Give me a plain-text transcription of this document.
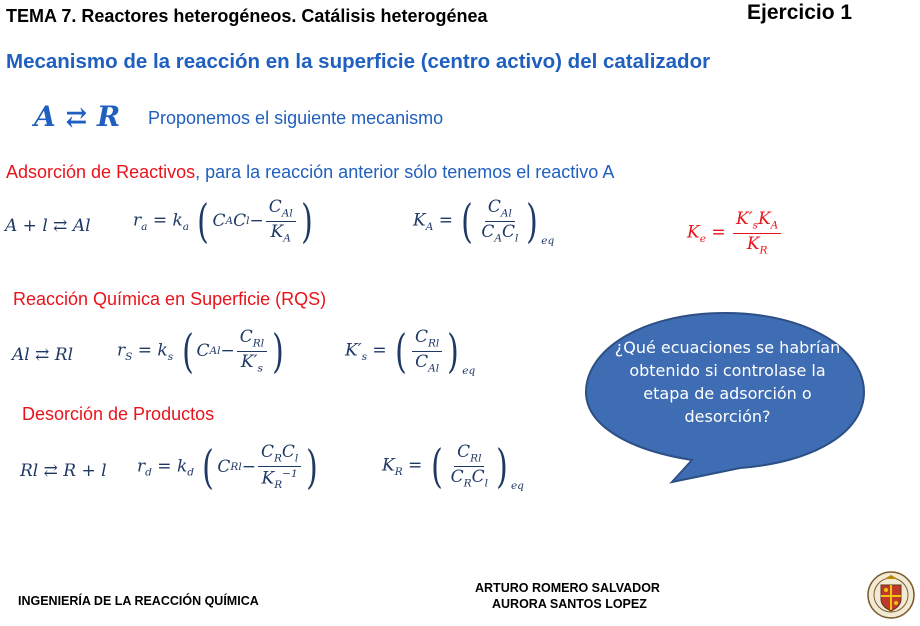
TEMA 7. Reactores heterogéneos. Catálisis heterogénea	Ejercicio 1
Mecanismo de la reacción en la superficie (centro activo) del catalizador
A ⇄ R Proponemos el siguiente mecanismo
Adsorción de Reactivos, para la reacción anterior sólo tenemos el reactivo A
A + l ⇄ Al $r_a = k_a$ ( C A C $l - \frac{C_{Al}}{K_A}$ )	$K_A$ = ( $\frac{C_{Al}}{C_AC_l}$ ) $_{eq}$	$K_e = \frac{K'_sK_A}{K_R}$
Reacción Química en Superficie (RQS)
Al ⇄ Rl	$r_S = k_s$ ( C $Al - \frac{C_{Rl}}{K'_s}$ )	$K'_s$ = ( $\frac{C_{Rl}}{C_{Al}}$ ) $_{eq}$
Desorción de Productos
Rl ⇄ R + l $r_d = k_d$ ( C $Rl - \frac{C_RC_l}{K_R^{-1}}$ )	$K_R$ = ( $\frac{C_{Rl}}{C_RC_l}$ ) $_{eq}$
¿Qué ecuaciones se habrían obtenido si controlase la etapa de adsorción o desorción?
INGENIERÍA DE LA REACCIÓN QUÍMICA
ARTURO ROMERO SALVADOR
AURORA SANTOS LOPEZ
